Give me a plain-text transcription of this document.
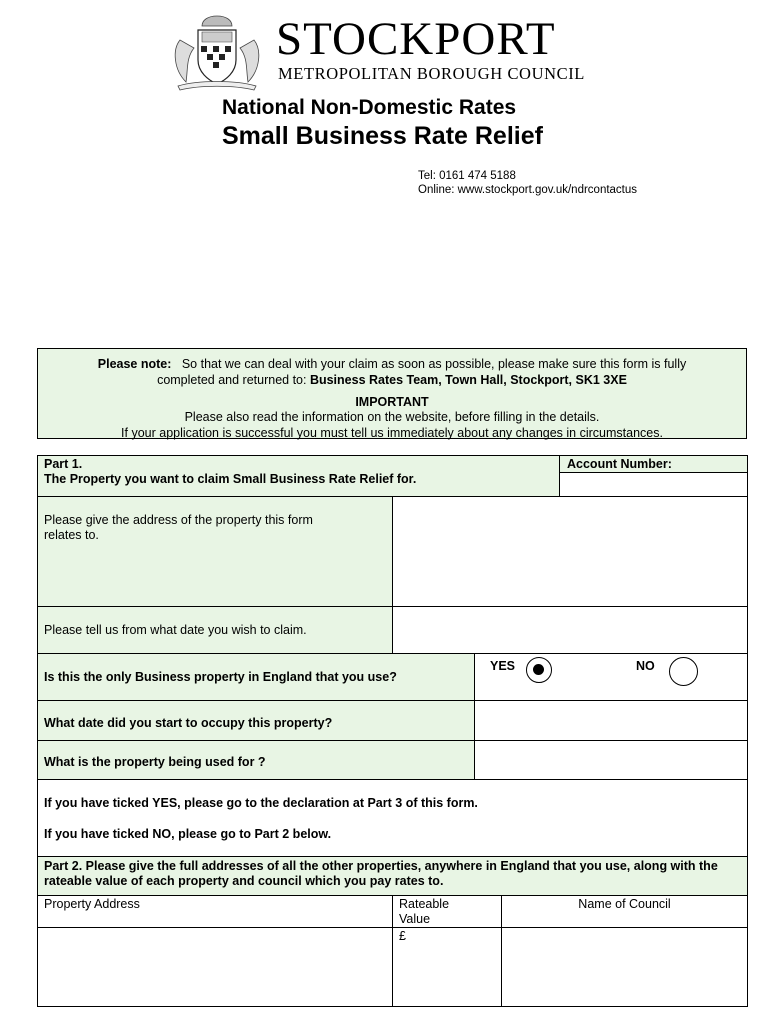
STOCKPORT
METROPOLITAN BOROUGH COUNCIL
National Non-Domestic Rates
Small Business Rate Relief
Tel: 0161 474 5188
Online: www.stockport.gov.uk/ndrcontactus
Please note: So that we can deal with your claim as soon as possible, please make sure this form is fully
completed and returned to: Business Rates Team, Town Hall, Stockport, SK1 3XE
IMPORTANT
Please also read the information on the website, before filling in the details.
If your application is successful you must tell us immediately about any changes in circumstances.
Part 1.
The Property you want to claim Small Business Rate Relief for.
Account Number:
Please give the address of the property this form relates to.
Please tell us from what date you wish to claim.
Is this the only Business property in England that you use?
YES	NO
What date did you start to occupy this property?
What is the property being used for ?
If you have ticked YES, please go to the declaration at Part 3 of this form.
If you have ticked NO, please go to Part 2 below.
Part 2. Please give the full addresses of all the other properties, anywhere in England that you use, along with the rateable value of each property and council which you pay rates to.
Property Address	Rateable Value
Name of Council
£
